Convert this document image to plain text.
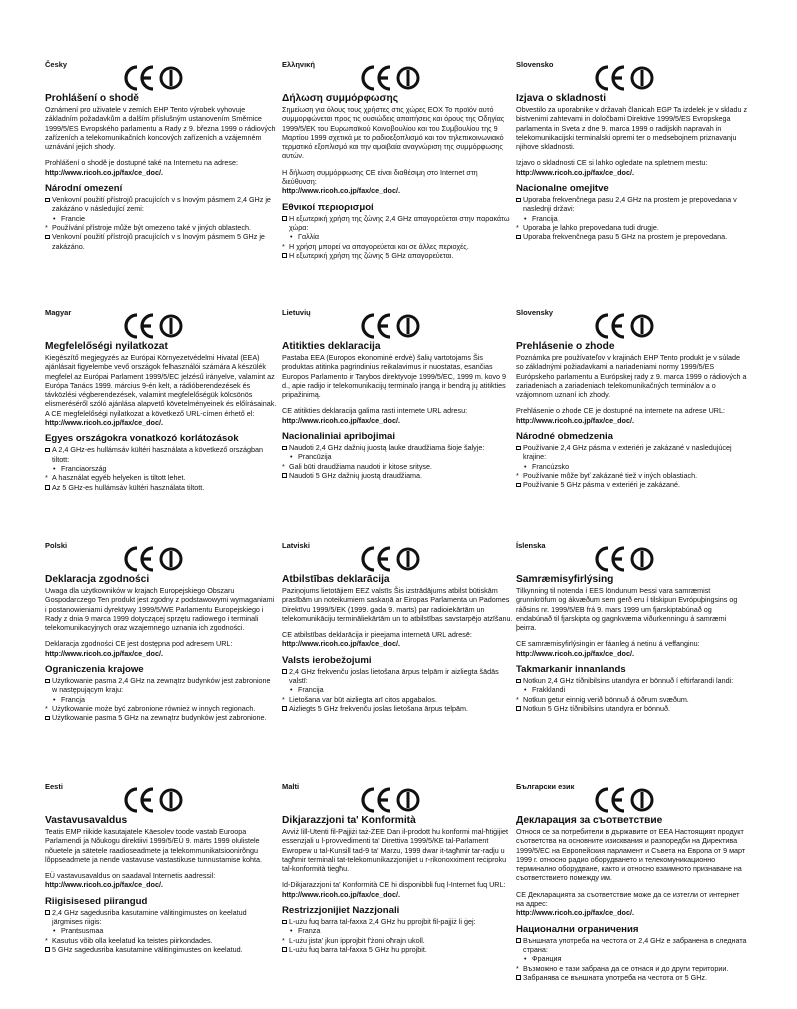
Česky
Prohlášení o shodě

Oznámení pro uživatele v zemích EHP Tento výrobek vyhovuje základním požadavkům a dalším příslušným ustanovením Směrnice 1999/5/ES Evropského parlamentu a Rady z 9. března 1999 o rádiových zařízeních a telekomunikačních koncových zařízeních a vzájemném uznávání jejich shody.

Prohlášení o shodě je dostupné také na Internetu na adrese:

http://www.ricoh.co.jp/fax/ce_doc/.
Národní omezení
Venkovní použití přístrojů pracujících v s lnovým pásmem 2,4 GHz je zakázáno v následující zemi:
• Francie
* Používání přístroje může být omezeno také v jiných oblastech.
Venkovní použití přístrojů pracujících v s lnovým pásmem 5 GHz je zakázáno.
Ελληνική
Δήλωση συμμόρφωσης

Σημείωση για όλους τους χρήστες στις χώρες ΕΟΧ Το προϊόν αυτό συμμορφώνεται προς τις ουσιώδεις απαιτήσεις και όρους της Οδηγίας 1999/5/ΕΚ του Ευρωπαϊκού Κοινοβουλίου και του Συμβουλίου της 9 Μαρτίου 1999 σχετικά με το ραδιοεξοπλισμό και τον τηλεπικοινωνιακό τερματικό εξοπλισμό και την αμοιβαία αναγνώριση της συμμόρφωσης αυτών.

Η δήλωση συμμόρφωσης CE είναι διαθέσιμη στο Internet στη διεύθυνση:

http://www.ricoh.co.jp/fax/ce_doc/.
Εθνικοί περιορισμοί
Η εξωτερική χρήση της ζώνης 2,4 GHz απαγορεύεται στην παρακάτω χώρα:
• Γαλλία
* Η χρήση μπορεί να απαγορεύεται και σε άλλες περιοχές.
Η εξωτερική χρήση της ζώνης 5 GHz απαγορεύεται.
Slovensko
Izjava o skladnosti

Obvestilo za uporabnike v državah članicah EGP Ta izdelek je v skladu z bistvenimi zahtevami in določbami Direktive 1999/5/ES Evropskega parlamenta in Sveta z dne 9. marca 1999 o radijskih napravah in telekomunikacijski terminalski opremi ter o medsebojnem priznavanju njihove skladnosti.

Izjavo o skladnosti CE si lahko ogledate na spletnem mestu:

http://www.ricoh.co.jp/fax/ce_doc/.
Nacionalne omejitve
Uporaba frekvenčnega pasu 2,4 GHz na prostem je prepovedana v naslednji državi:
• Francija
* Uporaba je lahko prepovedana tudi drugje.
Uporaba frekvenčnega pasu 5 GHz na prostem je prepovedana.
Magyar
Megfelelőségi nyilatkozat

Kiegészítő megjegyzés az Európai Környezetvédelmi Hivatal (EEA) ajánlásait figyelembe vevő országok felhasználói számára A készülék megfelel az Európai Parlament 1999/5/EC jelzésű irányelve, valamint az Európa Tanács 1999. március 9-én kelt, a rádióberendezések és távközlési végberendezések, valamint megfelelőségük kölcsönös elismeréséről szóló ajánlása alapvető követelményeinek és előírásainak. A CE megfelelőségi nyilatkozat a következő URL-címen érhető el:

http://www.ricoh.co.jp/fax/ce_doc/.
Egyes országokra vonatkozó korlátozások
A 2,4 GHz-es hullámsáv kültéri használata a következő országban tiltott:
• Franciaország
* A használat egyéb helyeken is tiltott lehet.
Az 5 GHz-es hullámsáv kültéri használata tiltott.
Lietuvių
Atitikties deklaracija

Pastaba EEA (Europos ekonominė erdvė) šalių vartotojams Šis produktas atitinka pagrindinius reikalavimus ir nuostatas, esančias Europos Parlamento ir Tarybos direktyvoje 1999/5/EC, 1999 m. kovo 9 d., apie radijo ir telekomunikacijų terminalo įrangą ir bendrą jų atitikties pripažinimą.

CE atitikties deklaracija galima rasti internete URL adresu:

http://www.ricoh.co.jp/fax/ce_doc/.
Nacionaliniai apribojimai
Naudoti 2,4 GHz dažnių juostą lauke draudžiama šioje šalyje:
• Prancūzija
* Gali būti draudžiama naudoti ir kitose srityse.
Naudoti 5 GHz dažnių juostą draudžiama.
Slovensky
Prehlásenie o zhode

Poznámka pre používateľov v krajinách EHP Tento produkt je v súlade so základnými požiadavkami a nariadeniami normy 1999/5/ES Európskeho parlamentu a Európskej rady z 9. marca 1999 o rádiových a zariadeniach a zariadeniach telekomunikačných terminálov a o vzájomnom uznaní ich zhody.

Prehlásenie o zhode CE je dostupné na internete na adrese URL:

http://www.ricoh.co.jp/fax/ce_doc/.
Národné obmedzenia
Používanie 2,4 GHz pásma v exteriéri je zakázané v nasledujúcej krajine:
• Francúzsko
* Používanie môže byť zakázané tiež v iných oblastiach.
Používanie 5 GHz pásma v exteriéri je zakázané.
Polski
Deklaracja zgodności

Uwaga dla użytkowników w krajach Europejskiego Obszaru Gospodarczego Ten produkt jest zgodny z podstawowymi wymaganiami i postanowieniami dyrektywy 1999/5/WE Parlamentu Europejskiego i Rady z dnia 9 marca 1999 dotyczącej sprzętu radiowego i terminali telekomunikacyjnych oraz wzajemnego uznania ich zgodności.

Deklaracja zgodności CE jest dostępna pod adresem URL:

http://www.ricoh.co.jp/fax/ce_doc/.
Ograniczenia krajowe
Użytkowanie pasma 2,4 GHz na zewnątrz budynków jest zabronione w następującym kraju:
• Francja
* Użytkowanie może być zabronione również w innych regionach.
Użytkowanie pasma 5 GHz na zewnątrz budynków jest zabronione.
Latviski
Atbilstības deklarācija

Paziņojums lietotājiem EEZ valstīs Šis izstrādājums atbilst būtiskām prasībām un noteikumiem saskaņā ar Eiropas Parlamenta un Padomes Direktīvu 1999/5/EK (1999. gada 9. marts) par radioiekārtām un telekomunikāciju termināliekārtām un to atbilstības savstarpējo atzīšanu.

CE atbilstības deklarācija ir pieejama internetā URL adresē:

http://www.ricoh.co.jp/fax/ce_doc/.
Valsts ierobežojumi
2,4 GHz frekvenču joslas lietošana ārpus telpām ir aizliegta šādās valstī:
• Francija
* Lietošana var būt aizliegta arī citos apgabalos.
Aizliegts 5 GHz frekvenču joslas lietošana ārpus telpām.
Íslenska
Samræmisyfirlýsing

Tilkynning til notenda í EES löndunum Þessi vara samræmist grunnkröfum og ákvæðum sem gerð eru í tilskipun Evrópuþingsins og ráðsins nr. 1999/5/EB frá 9. mars 1999 um fjarskiptabúnað og endabúnað til fjarskipta og gagnkvæma viðurkenningu á samræmi þeirra.

CE samræmisyfirlýsingin er fáanleg á netinu á veffanginu:

http://www.ricoh.co.jp/fax/ce_doc/.
Takmarkanir innanlands
Notkun 2,4 GHz tíðnibilsins utandyra er bönnuð í eftirfarandi landi:
• Frakklandi
* Notkun getur einnig verið bönnuð á öðrum svæðum.
Notkun 5 GHz tíðnibilsins utandyra er bönnuð.
Eesti
Vastavusavaldus

Teatis EMP riikide kasutajatele Käesolev toode vastab Euroopa Parlamendi ja Nõukogu direktiivi 1999/5/EÜ 9. märts 1999 olulistele nõuetele ja sätetele raadioseadmete ja telekommunikatsioonirõngu lõppseadmete ja nende vastavuse vastastikuse tunnustamise kohta.

EÜ vastavusavaldus on saadaval Internetis aadressil:

http://www.ricoh.co.jp/fax/ce_doc/.
Riigisisesed piirangud
2,4 GHz sagedusriba kasutamine välitingimustes on keelatud järgmises riigis:
• Prantsusmaa
* Kasutus võib olla keelatud ka teistes piirkondades.
5 GHz sagedusriba kasutamine välitingimustes on keelatud.
Malti
Dikjarazzjoni ta' Konformità

Avviż lill-Utenti fil-Pajjiżi taż-ŻEE Dan il-prodott hu konformi mal-ħtiġijiet essenzjali u l-provvedimenti ta' Direttiva 1999/5/KE tal-Parlament Ewropew u tal-Kunsill tad-9 ta' Marzu, 1999 dwar it-tagħmir tar-radju u tagħmir terminali tat-telekomunikazzjonijiet u r-rikonoxximent reċiproku tal-konformità tiegħu.

Id-Dikjarazzjoni ta' Konformità CE hi disponibbli fuq l-Internet fuq URL:

http://www.ricoh.co.jp/fax/ce_doc/.
Restrizzjonijiet Nazzjonali
L-użu fuq barra tal-faxxa 2,4 GHz hu pprojbit fil-pajjiż li ġej:
• Franza
* L-użu jista' jkun ipprojbit f'żoni oħrajn ukoll.
L-użu fuq barra tal-faxxa 5 GHz hu pprojbit.
Български език
Декларация за съответствие

Относя се за потребители в държавите от EEA Настоящият продукт съответства на основните изисквания и разпоредби на Директива 1999/5/ЕС на Европейския парламент и Съвета на Европа от 9 март 1999 г. относно радио оборудването и телекомуникационно терминално оборудване, както и относно взаимното признаване на съответствието помежду им.

CE Декларацията за съответствие може да се изтегли от интернет на адрес:

http://www.ricoh.co.jp/fax/ce_doc/.
Национални ограничения
Външната употреба на честота от 2,4 GHz е забранена в следната страна:
• Франция
* Възможно е тази забрана да се отнася и до други територии.
Забранява се външната употреба на честота от 5 GHz.
